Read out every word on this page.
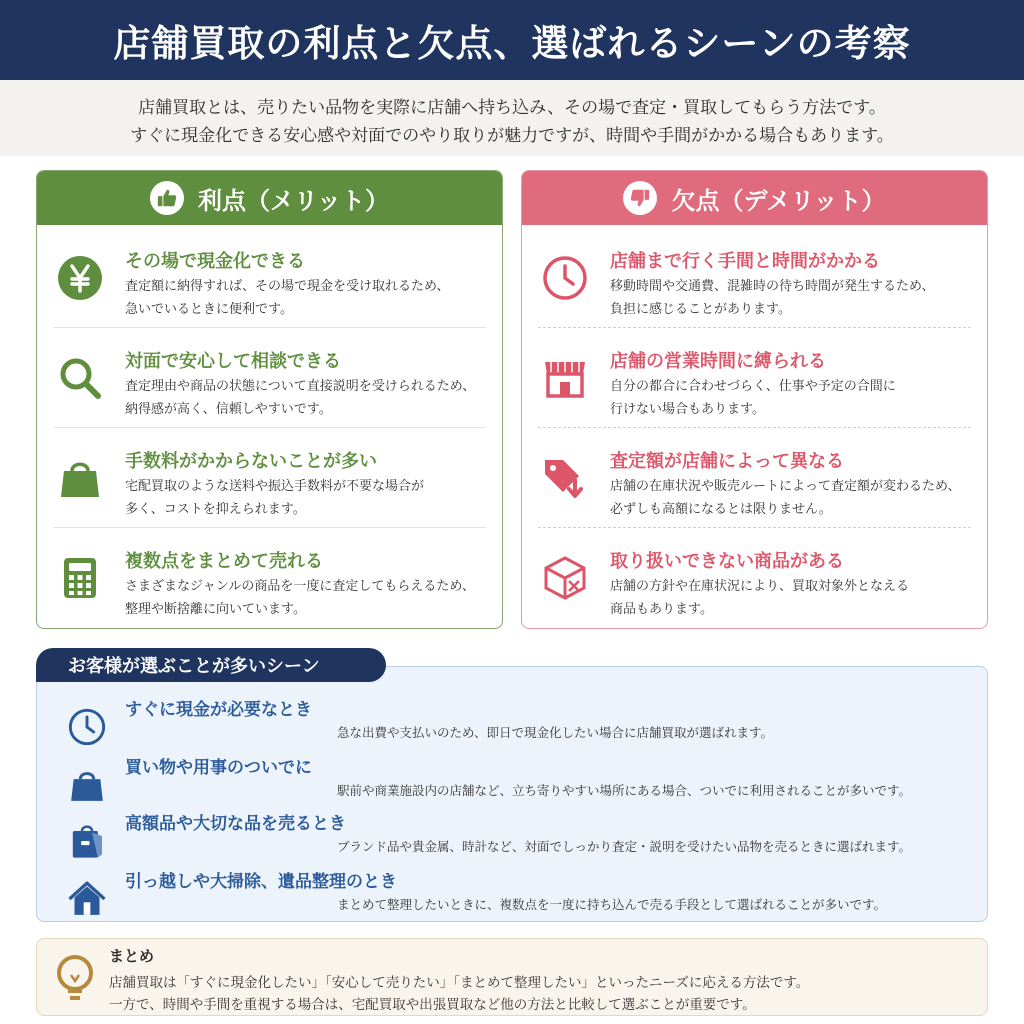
店舗買取の利点と欠点、選ばれるシーンの考察

店舗買取とは、売りたい品物を実際に店舗へ持ち込み、その場で査定・買取してもらう方法です。

すぐに現金化できる安心感や対面でのやり取りが魅力ですが、時間や手間がかかる場合もあります。

利点（メリット）
その場で現金化できる
査定額に納得すれば、その場で現金を受け取れるため、
急いでいるときに便利です。
対面で安心して相談できる
査定理由や商品の状態について直接説明を受けられるため、
納得感が高く、信頼しやすいです。
手数料がかからないことが多い
宅配買取のような送料や振込手数料が不要な場合が
多く、コストを抑えられます。
複数点をまとめて売れる
さまざまなジャンルの商品を一度に査定してもらえるため、
整理や断捨離に向いています。
欠点（デメリット）
店舗まで行く手間と時間がかかる
移動時間や交通費、混雑時の待ち時間が発生するため、
負担に感じることがあります。
店舗の営業時間に縛られる
自分の都合に合わせづらく、仕事や予定の合間に
行けない場合もあります。
査定額が店舗によって異なる
店舗の在庫状況や販売ルートによって査定額が変わるため、
必ずしも高額になるとは限りません。
取り扱いできない商品がある
店舗の方針や在庫状況により、買取対象外となえる
商品もあります。
すぐに現金が必要なとき
急な出費や支払いのため、即日で現金化したい場合に店舗買取が選ばれます。
買い物や用事のついでに
駅前や商業施設内の店舗など、立ち寄りやすい場所にある場合、ついでに利用されることが多いです。
高額品や大切な品を売るとき
ブランド品や貴金属、時計など、対面でしっかり査定・説明を受けたい品物を売るときに選ばれます。
引っ越しや大掃除、遺品整理のとき
まとめて整理したいときに、複数点を一度に持ち込んで売る手段として選ばれることが多いです。
お客様が選ぶことが多いシーン
まとめ
店舗買取は「すぐに現金化したい」「安心して売りたい」「まとめて整理したい」といったニーズに応える方法です。
一方で、時間や手間を重視する場合は、宅配買取や出張買取など他の方法と比較して選ぶことが重要です。
